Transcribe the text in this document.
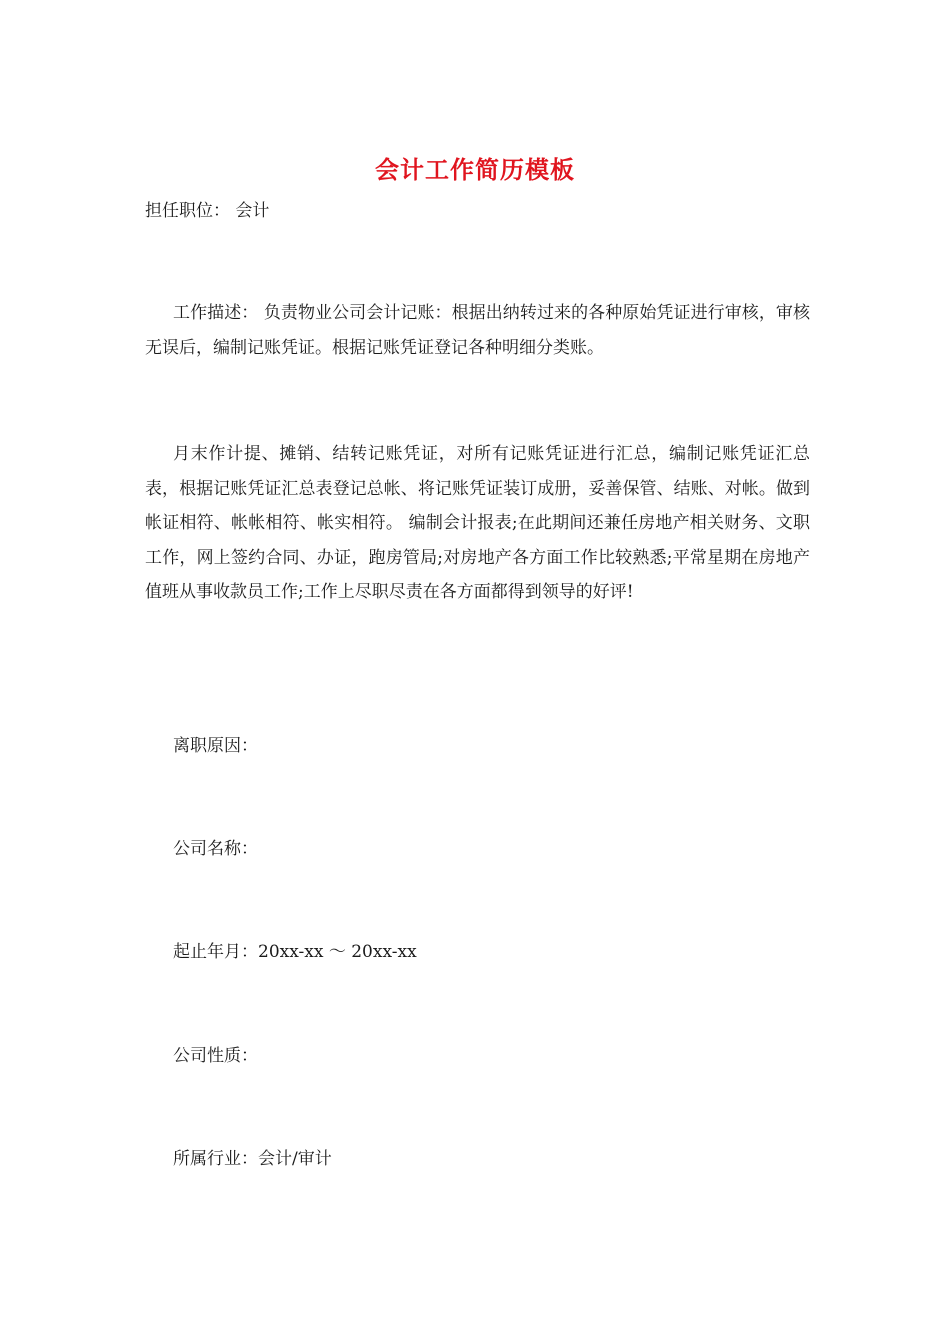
会计工作简历模板
担任职位： 会计
工作描述： 负责物业公司会计记账：根据出纳转过来的各种原始凭证进行审核，审核无误后，编制记账凭证。根据记账凭证登记各种明细分类账。
月末作计提、摊销、结转记账凭证，对所有记账凭证进行汇总，编制记账凭证汇总表，根据记账凭证汇总表登记总帐、将记账凭证装订成册，妥善保管、结账、对帐。做到帐证相符、帐帐相符、帐实相符。 编制会计报表;在此期间还兼任房地产相关财务、文职工作，网上签约合同、办证，跑房管局;对房地产各方面工作比较熟悉;平常星期在房地产值班从事收款员工作;工作上尽职尽责在各方面都得到领导的好评!
离职原因：
公司名称：
起止年月：20xx-xx ～ 20xx-xx
公司性质：
所属行业：会计/审计
